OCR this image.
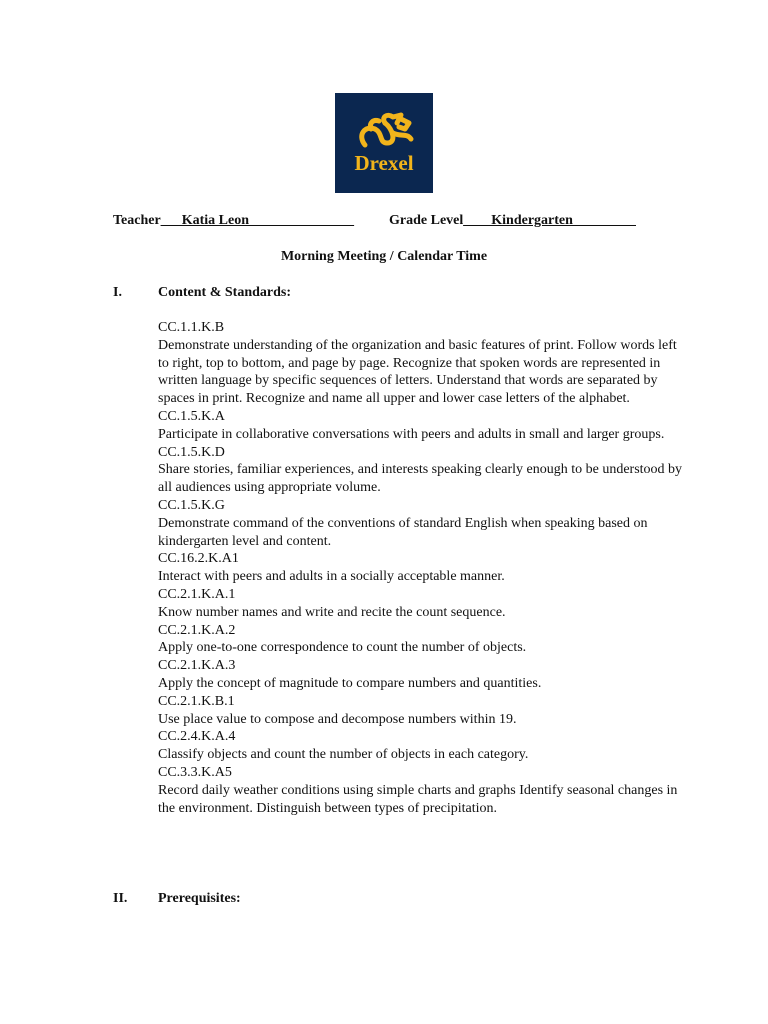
Drexel
Teacher___Katia Leon_______________	Grade Level____Kindergarten_________
Morning Meeting / Calendar Time
I.	Content & Standards:

CC.1.1.K.B

Demonstrate understanding of the organization and basic features of print. Follow words left to right, top to bottom, and page by page. Recognize that spoken words are represented in written language by specific sequences of letters. Understand that words are separated by spaces in print. Recognize and name all upper and lower case letters of the alphabet.

CC.1.5.K.A

Participate in collaborative conversations with peers and adults in small and larger groups.

CC.1.5.K.D

Share stories, familiar experiences, and interests speaking clearly enough to be understood by all audiences using appropriate volume.

CC.1.5.K.G

Demonstrate command of the conventions of standard English when speaking based on kindergarten level and content.

CC.16.2.K.A1

Interact with peers and adults in a socially acceptable manner.

CC.2.1.K.A.1

Know number names and write and recite the count sequence.

CC.2.1.K.A.2

Apply one-to-one correspondence to count the number of objects.

CC.2.1.K.A.3

Apply the concept of magnitude to compare numbers and quantities.

CC.2.1.K.B.1

Use place value to compose and decompose numbers within 19.

CC.2.4.K.A.4

Classify objects and count the number of objects in each category.

CC.3.3.K.A5

Record daily weather conditions using simple charts and graphs Identify seasonal changes in the environment. Distinguish between types of precipitation.

II. Prerequisites:
